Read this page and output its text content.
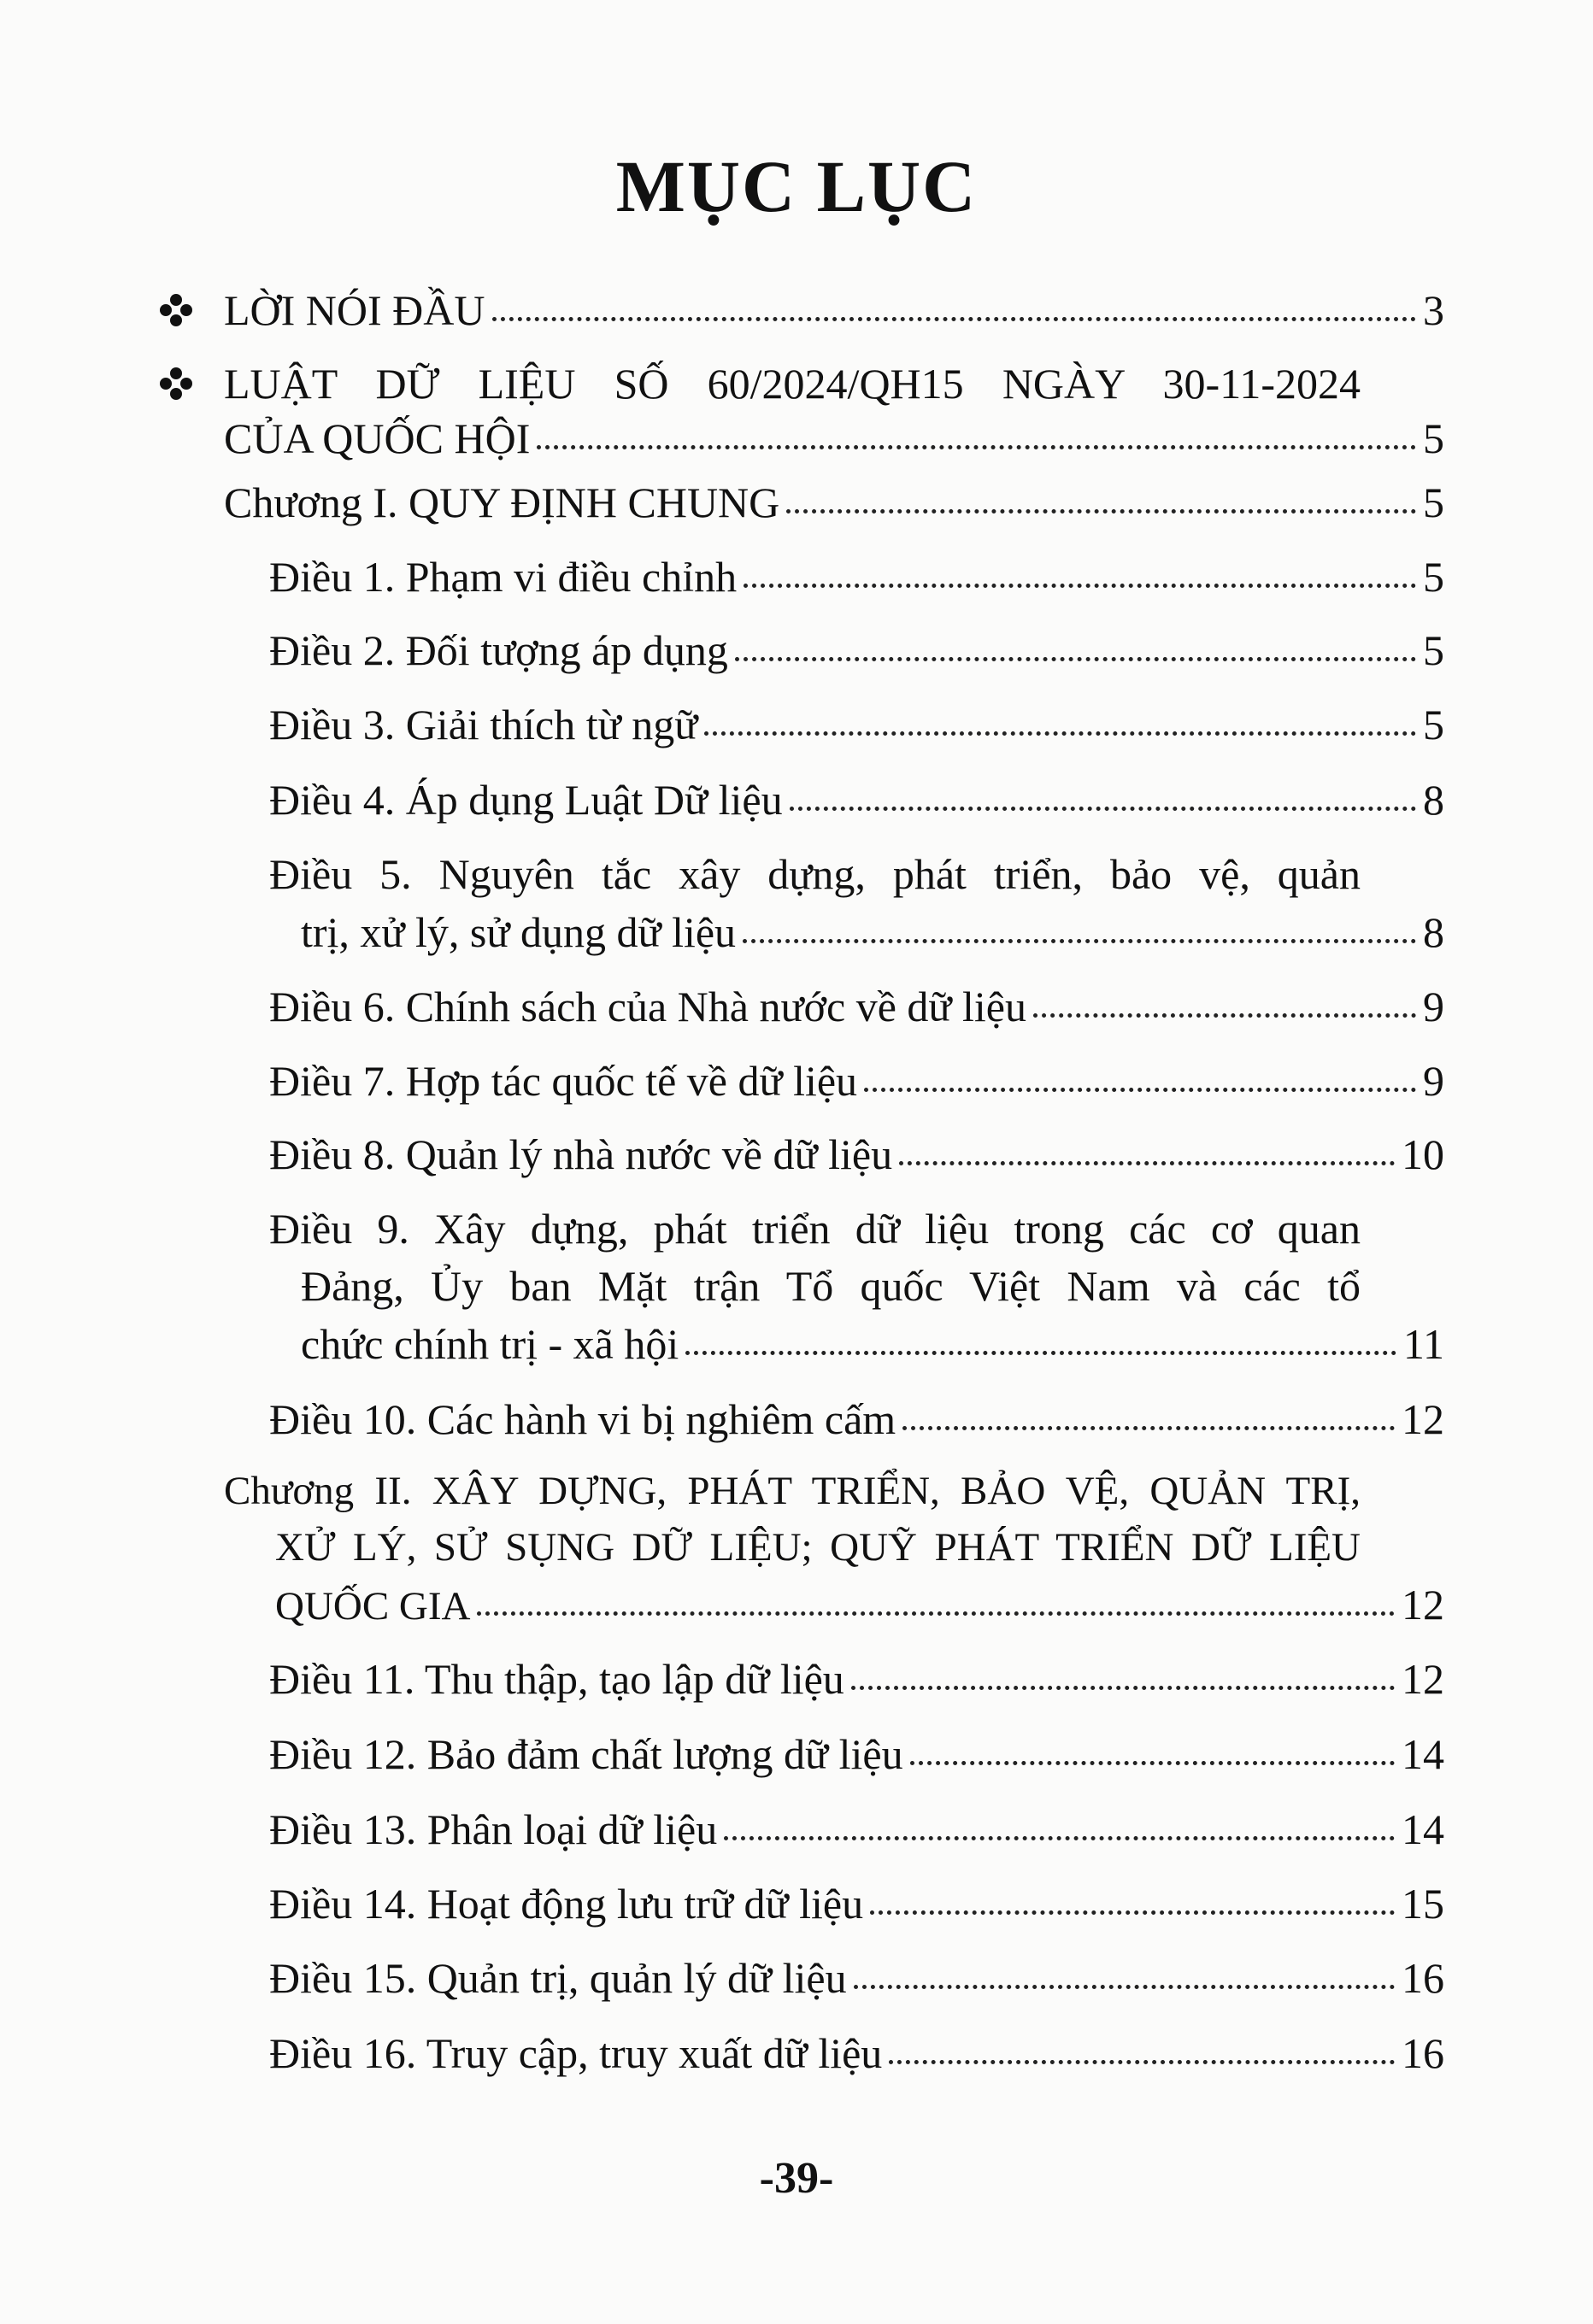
MỤC LỤC
LỜI NÓI ĐẦU	3
LUẬT DỮ LIỆU SỐ 60/2024/QH15 NGÀY 30-11-2024
CỦA QUỐC HỘI	5
Chương I. QUY ĐỊNH CHUNG	5
Điều 1. Phạm vi điều chỉnh	5
Điều 2. Đối tượng áp dụng	5
Điều 3. Giải thích từ ngữ	5
Điều 4. Áp dụng Luật Dữ liệu	8
Điều 5. Nguyên tắc xây dựng, phát triển, bảo vệ, quản
trị, xử lý, sử dụng dữ liệu	8
Điều 6. Chính sách của Nhà nước về dữ liệu	9
Điều 7. Hợp tác quốc tế về dữ liệu	9
Điều 8. Quản lý nhà nước về dữ liệu	10
Điều 9. Xây dựng, phát triển dữ liệu trong các cơ quan
Đảng, Ủy ban Mặt trận Tổ quốc Việt Nam và các tổ
chức chính trị - xã hội	11
Điều 10. Các hành vi bị nghiêm cấm	12
Chương II. XÂY DỰNG, PHÁT TRIỂN, BẢO VỆ, QUẢN TRỊ,
XỬ LÝ, SỬ SỤNG DỮ LIỆU; QUỸ PHÁT TRIỂN DỮ LIỆU
QUỐC GIA	12
Điều 11. Thu thập, tạo lập dữ liệu	12
Điều 12. Bảo đảm chất lượng dữ liệu	14
Điều 13. Phân loại dữ liệu	14
Điều 14. Hoạt động lưu trữ dữ liệu	15
Điều 15. Quản trị, quản lý dữ liệu	16
Điều 16. Truy cập, truy xuất dữ liệu	16
-39-
